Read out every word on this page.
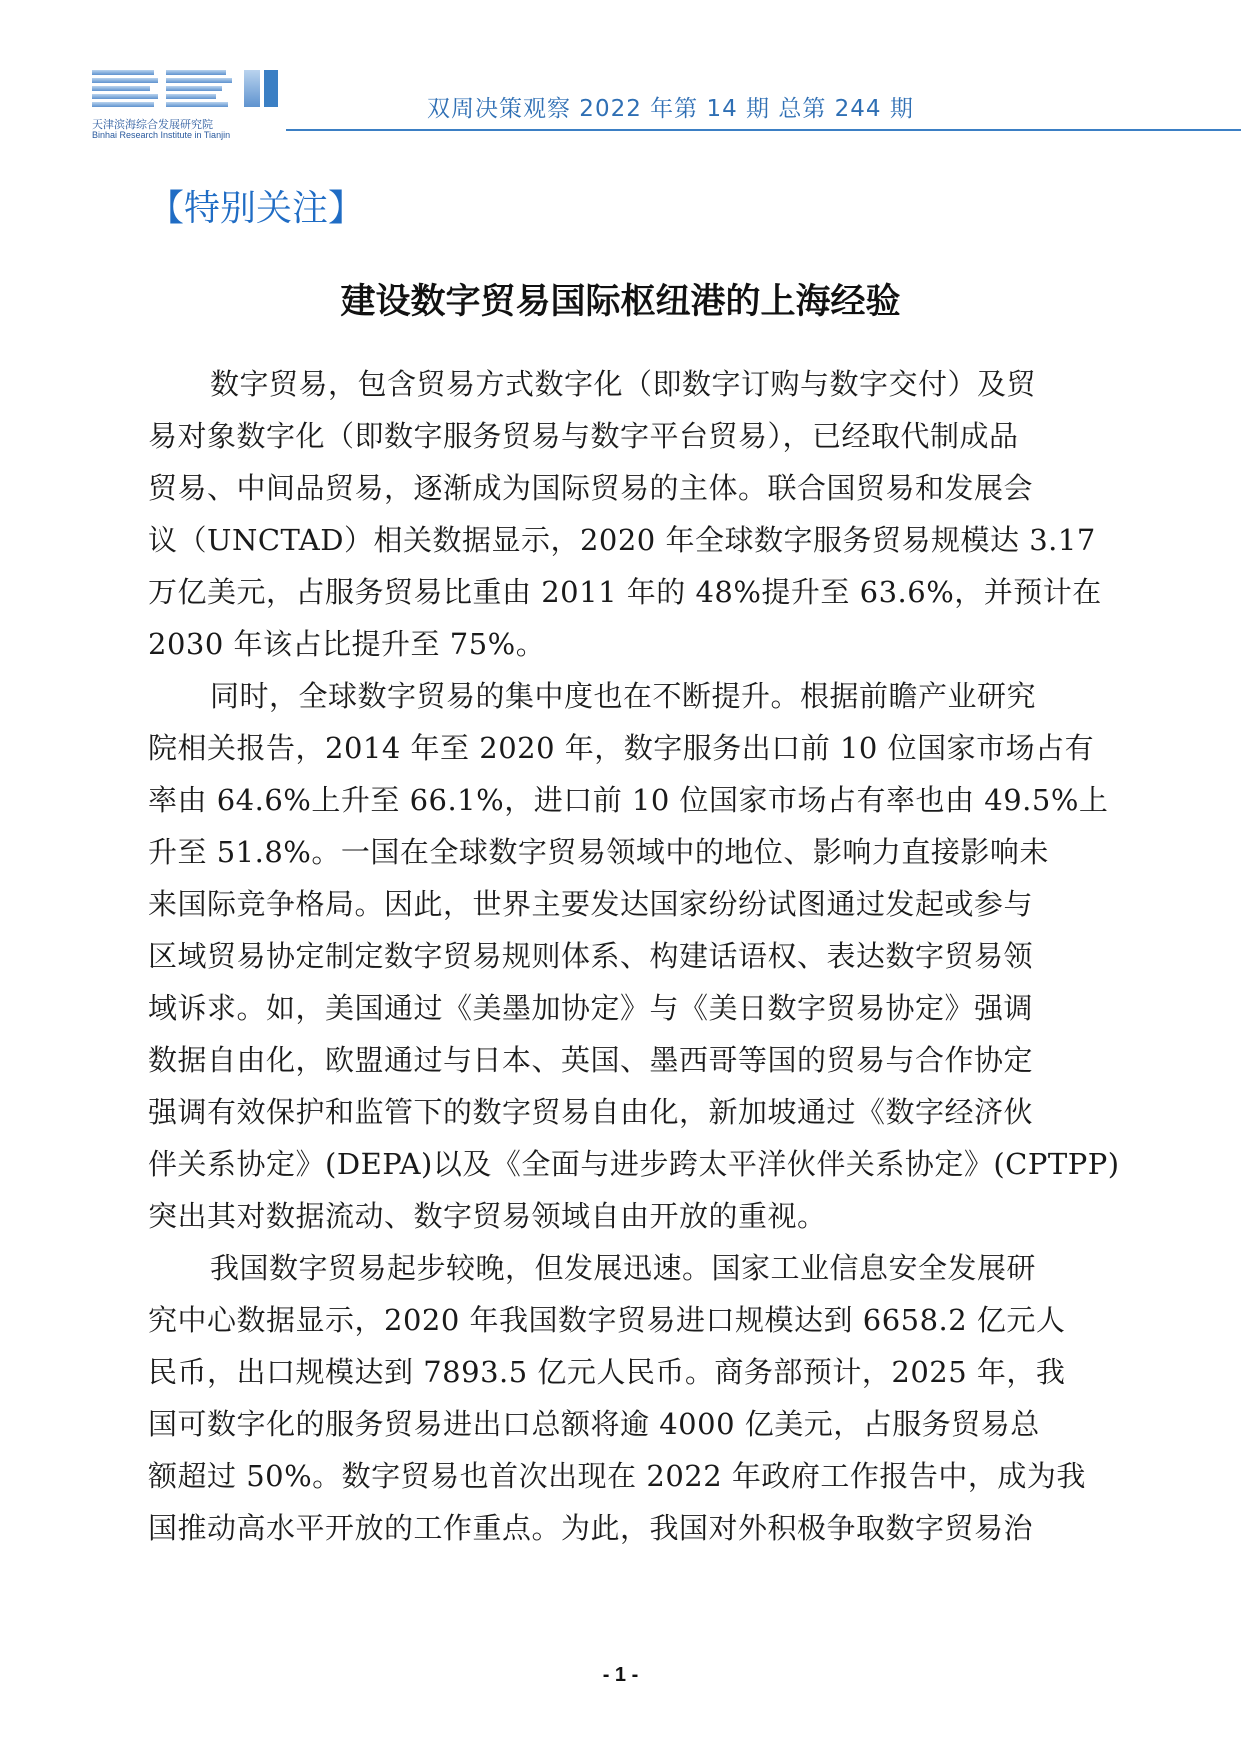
天津滨海综合发展研究院
Binhai Research Institute in Tianjin
双周决策观察 2022 年第 14 期 总第 244 期
【特别关注】
建设数字贸易国际枢纽港的上海经验
数字贸易，包含贸易方式数字化（即数字订购与数字交付）及贸
易对象数字化（即数字服务贸易与数字平台贸易），已经取代制成品
贸易、中间品贸易，逐渐成为国际贸易的主体。联合国贸易和发展会
议（UNCTAD）相关数据显示，2020 年全球数字服务贸易规模达 3.17
万亿美元，占服务贸易比重由 2011 年的 48%提升至 63.6%，并预计在
2030 年该占比提升至 75%。
同时，全球数字贸易的集中度也在不断提升。根据前瞻产业研究
院相关报告，2014 年至 2020 年，数字服务出口前 10 位国家市场占有
率由 64.6%上升至 66.1%，进口前 10 位国家市场占有率也由 49.5%上
升至 51.8%。一国在全球数字贸易领域中的地位、影响力直接影响未
来国际竞争格局。因此，世界主要发达国家纷纷试图通过发起或参与
区域贸易协定制定数字贸易规则体系、构建话语权、表达数字贸易领
域诉求。如，美国通过《美墨加协定》与《美日数字贸易协定》强调
数据自由化，欧盟通过与日本、英国、墨西哥等国的贸易与合作协定
强调有效保护和监管下的数字贸易自由化，新加坡通过《数字经济伙
伴关系协定》(DEPA)以及《全面与进步跨太平洋伙伴关系协定》(CPTPP)
突出其对数据流动、数字贸易领域自由开放的重视。
我国数字贸易起步较晚，但发展迅速。国家工业信息安全发展研
究中心数据显示，2020 年我国数字贸易进口规模达到 6658.2 亿元人
民币，出口规模达到 7893.5 亿元人民币。商务部预计，2025 年，我
国可数字化的服务贸易进出口总额将逾 4000 亿美元，占服务贸易总
额超过 50%。数字贸易也首次出现在 2022 年政府工作报告中，成为我
国推动高水平开放的工作重点。为此，我国对外积极争取数字贸易治
- 1 -
